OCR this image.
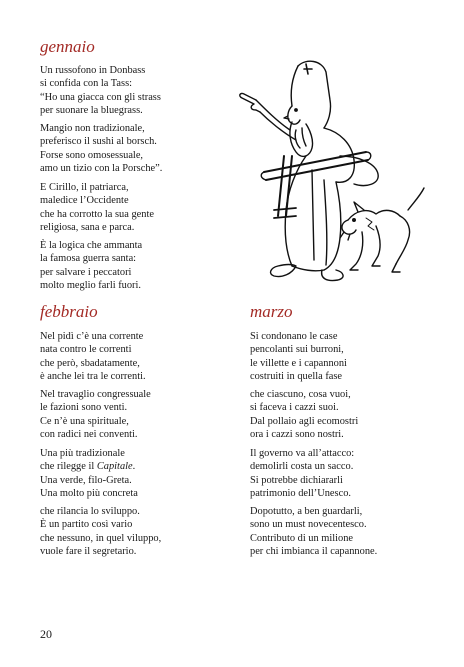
gennaio
Un russofono in Donbass
si confida con la Tass:
“Ho una giacca con gli strass
per suonare la bluegrass.
Mangio non tradizionale,
preferisco il sushi al borsch.
Forse sono omosessuale,
amo un tizio con la Porsche”.
E Cirillo, il patriarca,
maledice l’Occidente
che ha corrotto la sua gente
religiosa, sana e parca.
È la logica che ammanta
la famosa guerra santa:
per salvare i peccatori
molto meglio farli fuori.
febbraio
Nel pidì c’è una corrente
nata contro le correnti
che però, sbadatamente,
è anche lei tra le correnti.
Nel travaglio congressuale
le fazioni sono venti.
Ce n’è una spirituale,
con radici nei conventi.
Una più tradizionale
che rilegge il Capitale.
Una verde, filo-Greta.
Una molto più concreta
che rilancia lo sviluppo.
È un partito così vario
che nessuno, in quel viluppo,
vuole fare il segretario.
marzo
Si condonano le case
pencolanti sui burroni,
le villette e i capannoni
costruiti in quella fase
che ciascuno, cosa vuoi,
si faceva i cazzi suoi.
Dal pollaio agli ecomostri
ora i cazzi sono nostri.
Il governo va all’attacco:
demolirli costa un sacco.
Si potrebbe dichiararli
patrimonio dell’Unesco.
Dopotutto, a ben guardarli,
sono un must novecentesco.
Contributo di un milione
per chi imbianca il capannone.
20
